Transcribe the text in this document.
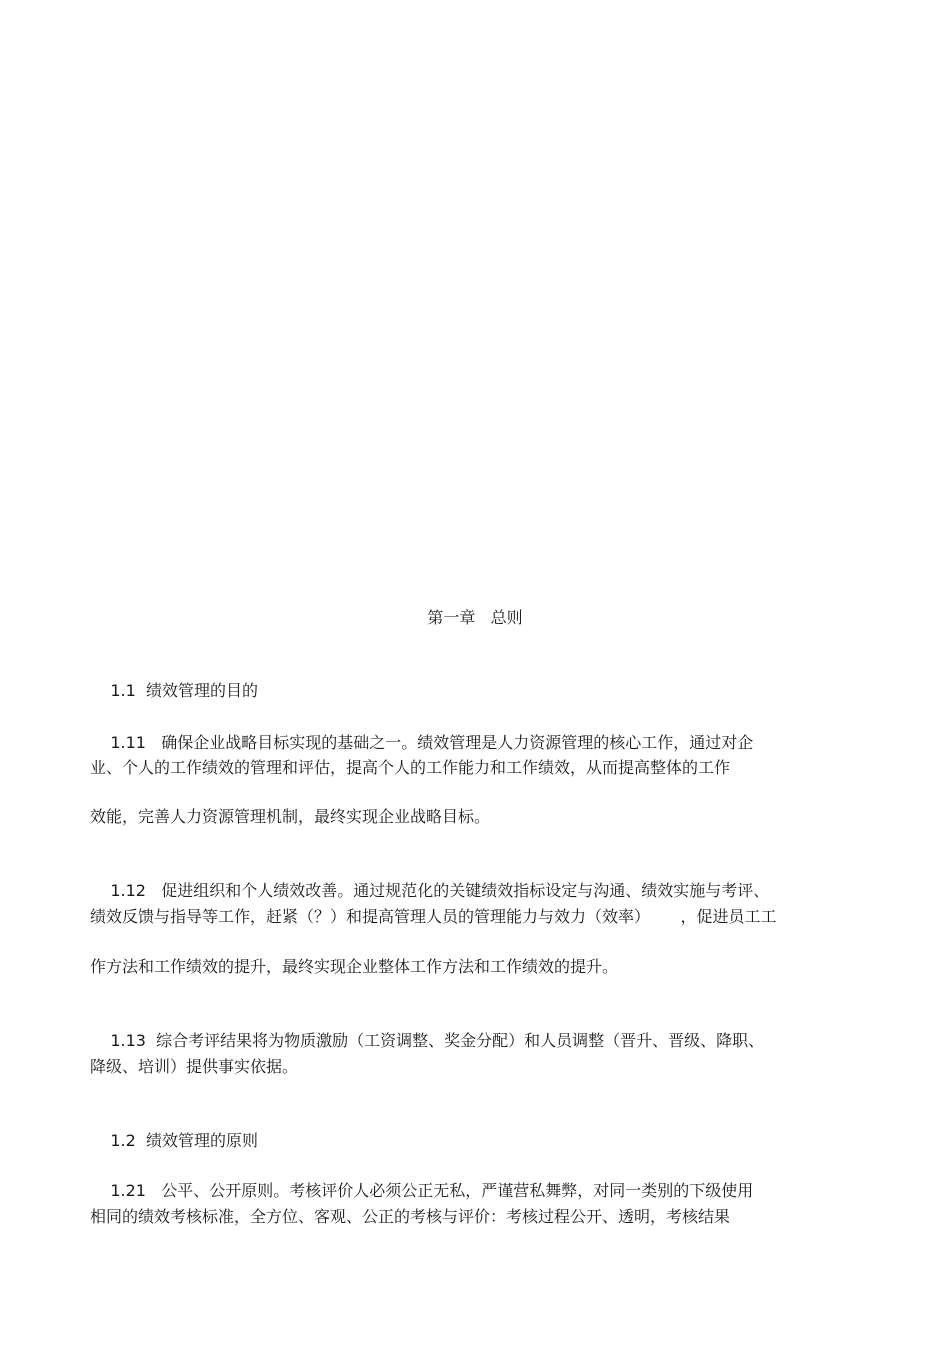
第一章   总则

1.1 绩效管理的目的

1.11 确保企业战略目标实现的基础之一。绩效管理是人力资源管理的核心工作，通过对企

业、个人的工作绩效的管理和评估，提高个人的工作能力和工作绩效，从而提高整体的工作
效能，完善人力资源管理机制，最终实现企业战略目标。

1.12 促进组织和个人绩效改善。通过规范化的关键绩效指标设定与沟通、绩效实施与考评、

绩效反馈与指导等工作，赶紧（？）和提高管理人员的管理能力与效力（效率）      ，促进员工工
作方法和工作绩效的提升，最终实现企业整体工作方法和工作绩效的提升。

1.13 综合考评结果将为物质激励（工资调整、奖金分配）和人员调整（晋升、晋级、降职、

降级、培训）提供事实依据。

1.2 绩效管理的原则

1.21 公平、公开原则。考核评价人必须公正无私，严谨营私舞弊，对同一类别的下级使用

相同的绩效考核标准，全方位、客观、公正的考核与评价：考核过程公开、透明，考核结果
